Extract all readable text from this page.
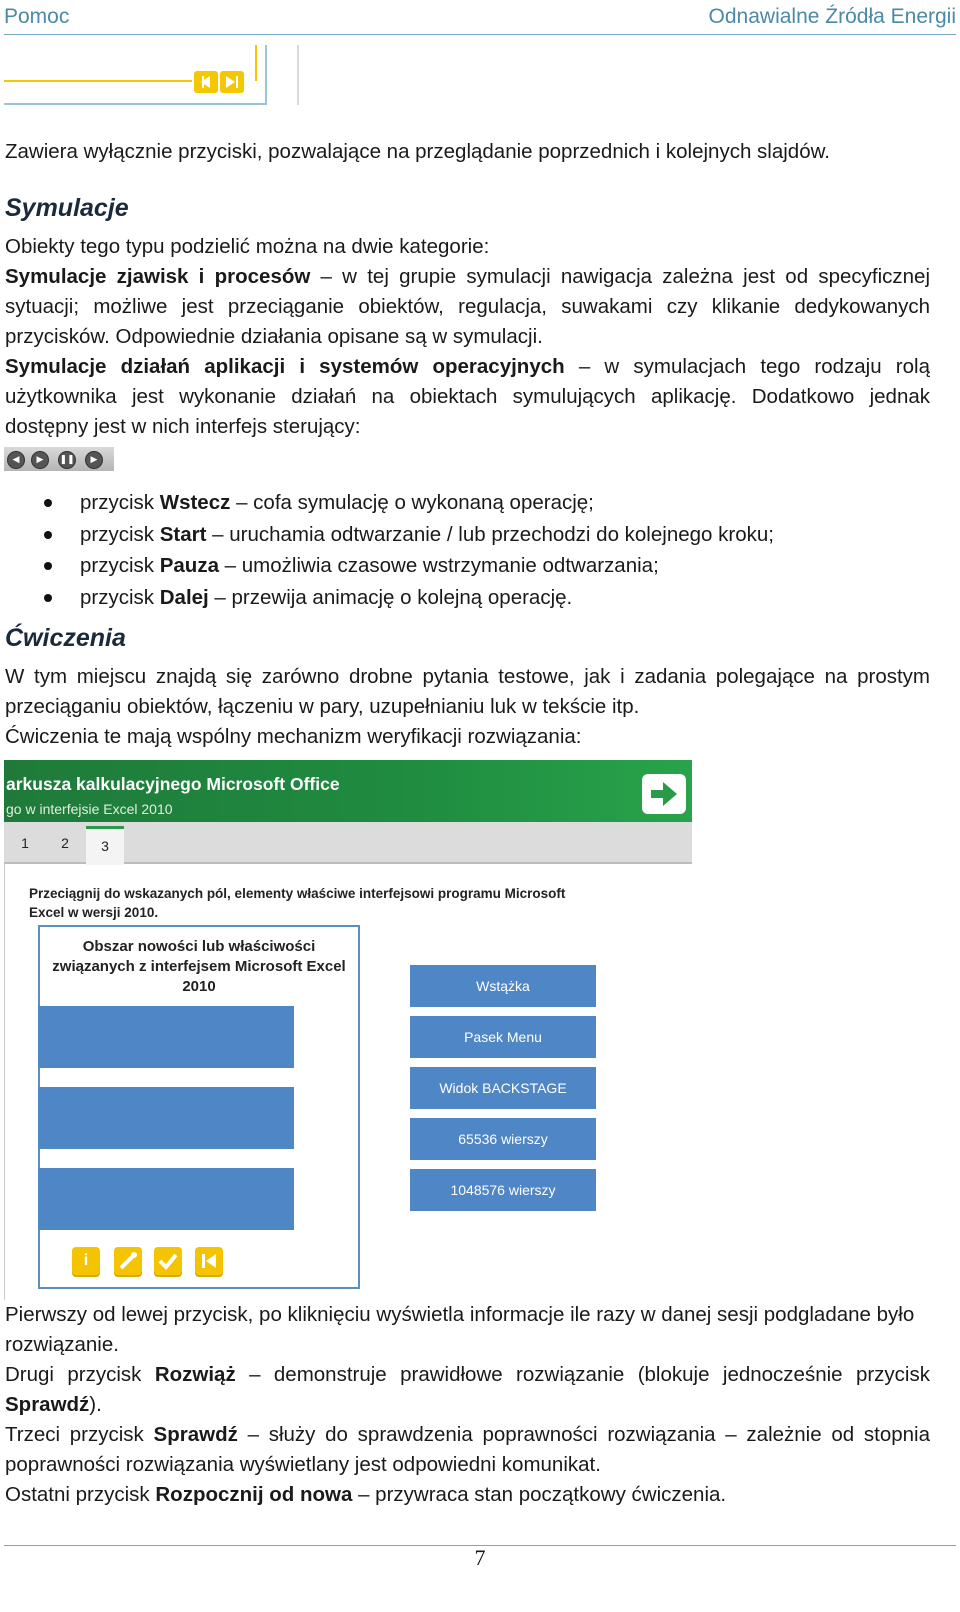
Pomoc	Odnawialne Źródła Energii

Zawiera wyłącznie przyciski, pozwalające na przeglądanie poprzednich i kolejnych slajdów.

Symulacje

Obiekty tego typu podzielić można na dwie kategorie:

Symulacje zjawisk i procesów – w tej grupie symulacji nawigacja zależna jest od specyficznej sytuacji; możliwe jest przeciąganie obiektów, regulacja, suwakami czy klikanie dedykowanych przycisków. Odpowiednie działania opisane są w symulacji.

Symulacje działań aplikacji i systemów operacyjnych – w symulacjach tego rodzaju rolą użytkownika jest wykonanie działań na obiektach symulujących aplikację. Dodatkowo jednak dostępny jest w nich interfejs sterujący:

◀	▶	❚❚	▶
przycisk Wstecz – cofa symulację o wykonaną operację;
przycisk Start – uruchamia odtwarzanie / lub przechodzi do kolejnego kroku;
przycisk Pauza – umożliwia czasowe wstrzymanie odtwarzania;
przycisk Dalej – przewija animację o kolejną operację.
Ćwiczenia

W tym miejscu znajdą się zarówno drobne pytania testowe, jak i zadania polegające na prostym przeciąganiu obiektów, łączeniu w pary, uzupełnianiu luk w tekście itp.

Ćwiczenia te mają wspólny mechanizm weryfikacji rozwiązania:

arkusza kalkulacyjnego Microsoft Office
go w interfejsie Excel 2010
1	2	3
Przeciągnij do wskazanych pól, elementy właściwe interfejsowi programu Microsoft Excel w wersji 2010.
Obszar nowości lub właściwości związanych z interfejsem Microsoft Excel 2010	Wstążka
Pasek Menu
Widok BACKSTAGE
65536 wierszy
1048576 wierszy
i

Pierwszy od lewej przycisk, po kliknięciu wyświetla informacje ile razy w danej sesji podgladane było rozwiązanie.

Drugi przycisk Rozwiąż – demonstruje prawidłowe rozwiązanie (blokuje jednocześnie przycisk Sprawdź).

Trzeci przycisk Sprawdź – służy do sprawdzenia poprawności rozwiązania – zależnie od stopnia poprawności rozwiązania wyświetlany jest odpowiedni komunikat.

Ostatni przycisk Rozpocznij od nowa – przywraca stan początkowy ćwiczenia.

7
